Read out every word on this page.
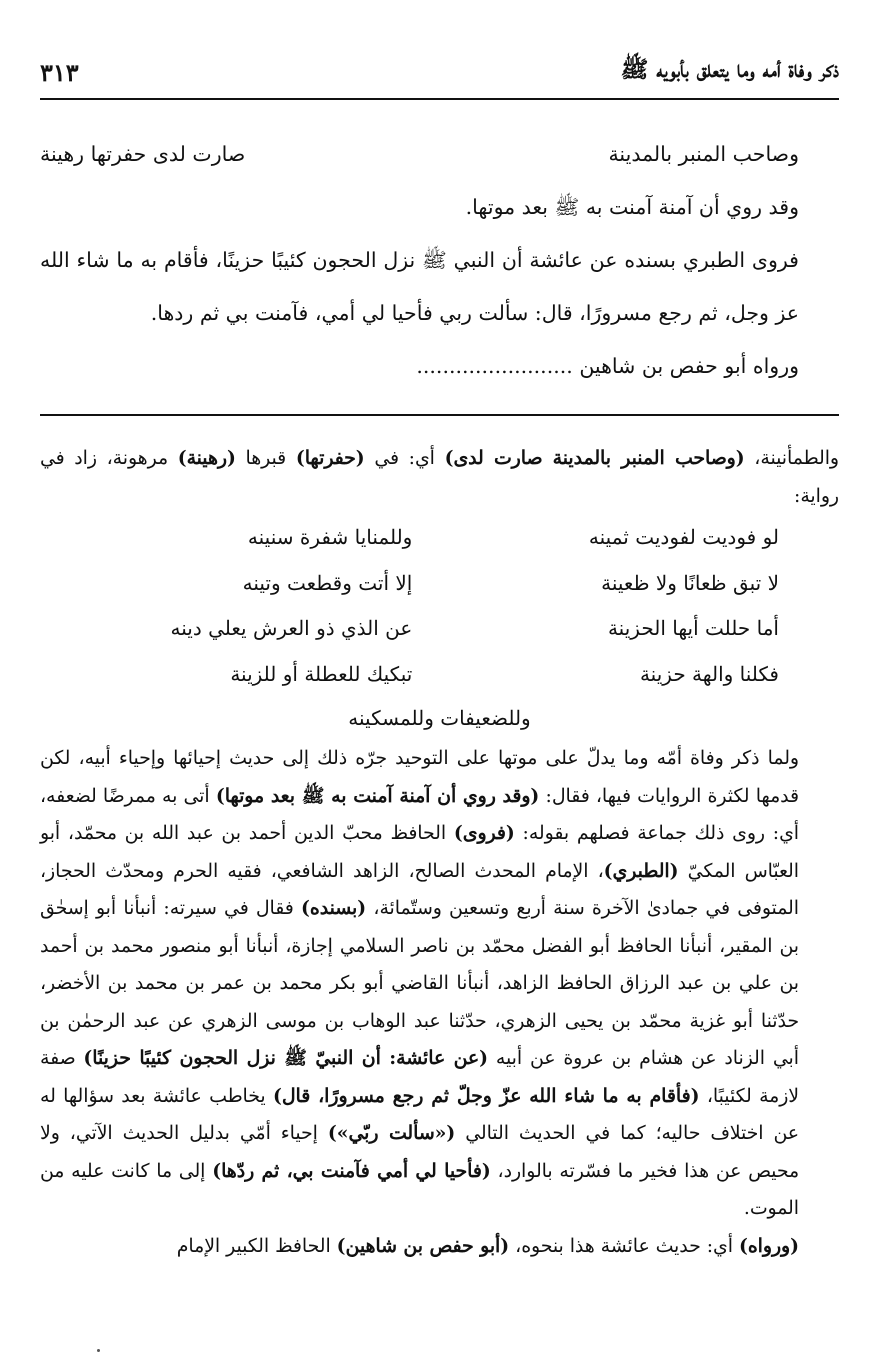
٣١٣	ذكر وفاة أمه وما يتعلق بأبويه ﷺ

وصاحب المنبر بالمدينة
صارت لدى حفرتها رهينة

وقد روي أن آمنة آمنت به ﷺ بعد موتها.

فروى الطبري بسنده عن عائشة أن النبي ﷺ نزل الحجون كئيبًا حزينًا، فأقام به ما شاء الله عز وجل، ثم رجع مسرورًا، قال: سألت ربي فأحيا لي أمي، فآمنت بي ثم ردها.

ورواه أبو حفص بن شاهين ........................

والطمأنينة، (وصاحب المنبر بالمدينة صارت لدى) أي: في (حفرتها) قبرها (رهينة) مرهونة، زاد في رواية:

لو فوديت لفوديت ثمينه
وللمنايا شفرة سنينه
لا تبق ظعانًا ولا ظعينة
إلا أتت وقطعت وتينه
أما حللت أيها الحزينة
عن الذي ذو العرش يعلي دينه
فكلنا والهة حزينة
تبكيك للعطلة أو للزينة
وللضعيفات وللمسكينه

ولما ذكر وفاة أمّه وما يدلّ على موتها على التوحيد جرّه ذلك إلى حديث إحيائها وإحياء أبيه، لكن قدمها لكثرة الروايات فيها، فقال: (وقد روي أن آمنة آمنت به ﷺ بعد موتها) أتى به ممرضًا لضعفه، أي: روى ذلك جماعة فصلهم بقوله: (فروى) الحافظ محبّ الدين أحمد بن عبد الله بن محمّد، أبو العبّاس المكيّ (الطبري)، الإمام المحدث الصالح، الزاهد الشافعي، فقيه الحرم ومحدّث الحجاز، المتوفى في جمادىٰ الآخرة سنة أربع وتسعين وستّمائة، (بسنده) فقال في سيرته: أنبأنا أبو إسحٰق بن المقير، أنبأنا الحافظ أبو الفضل محمّد بن ناصر السلامي إجازة، أنبأنا أبو منصور محمد بن أحمد بن علي بن عبد الرزاق الحافظ الزاهد، أنبأنا القاضي أبو بكر محمد بن عمر بن محمد بن الأخضر، حدّثنا أبو غزية محمّد بن يحيى الزهري، حدّثنا عبد الوهاب بن موسى الزهري عن عبد الرحمٰن بن أبي الزناد عن هشام بن عروة عن أبيه (عن عائشة: أن النبيّ ﷺ نزل الحجون كئيبًا حزينًا) صفة لازمة لكئيبًا، (فأقام به ما شاء الله عزّ وجلّ ثم رجع مسرورًا، قال) يخاطب عائشة بعد سؤالها له عن اختلاف حاليه؛ كما في الحديث التالي («سألت ربّي») إحياء أمّي بدليل الحديث الآتي، ولا محيص عن هذا فخير ما فسّرته بالوارد، (فأحيا لي أمي فآمنت بي، ثم ردّها) إلى ما كانت عليه من الموت.

(ورواه) أي: حديث عائشة هذا بنحوه، (أبو حفص بن شاهين) الحافظ الكبير الإمام
